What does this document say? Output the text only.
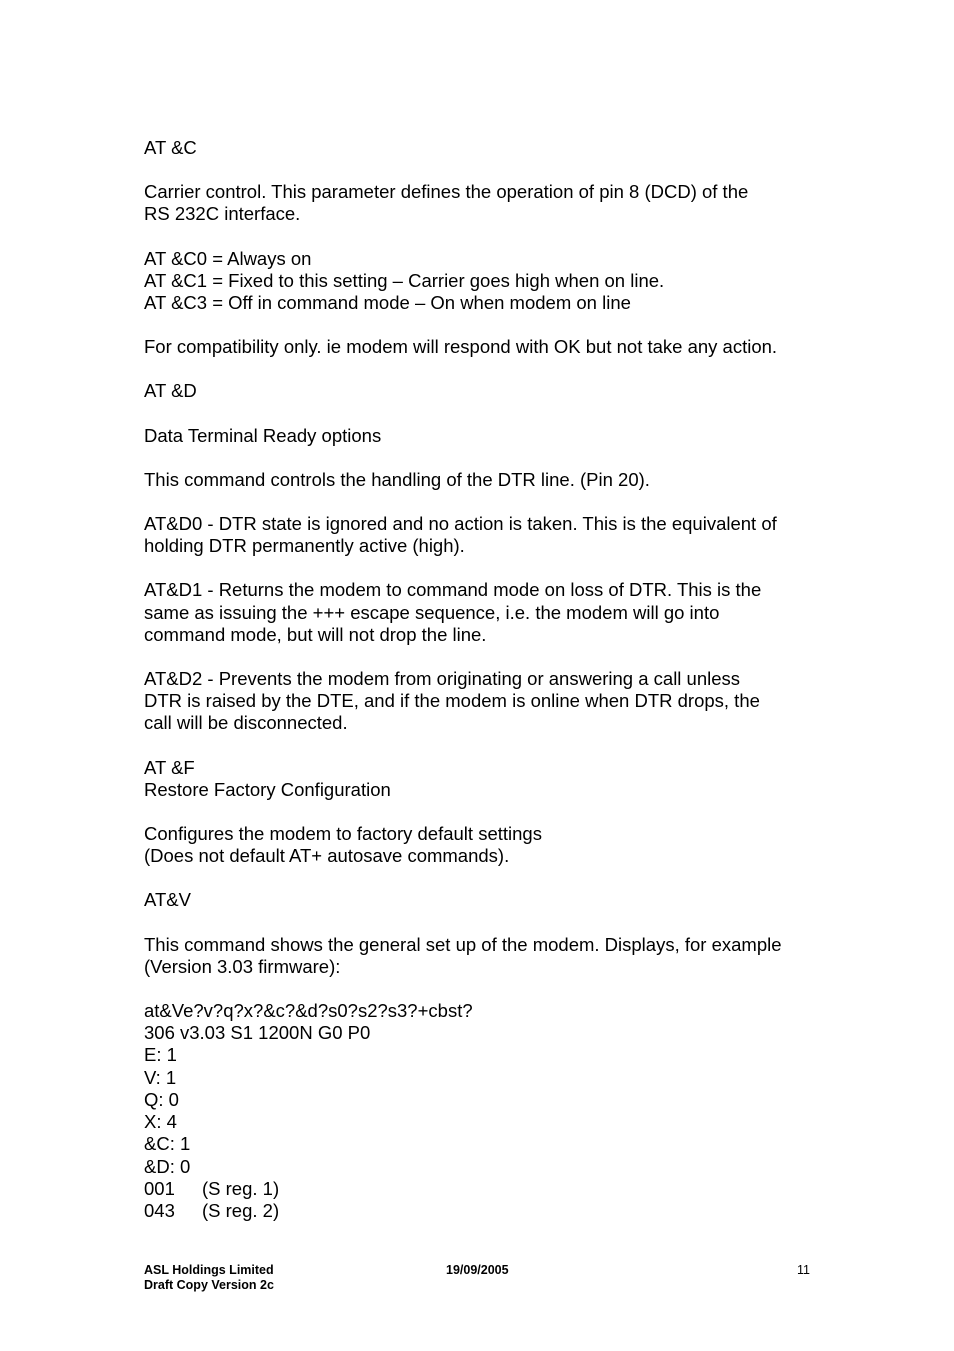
AT &C
Carrier control. This parameter defines the operation of pin 8 (DCD) of the
RS 232C interface.
AT &C0 = Always on
AT &C1 = Fixed to this setting – Carrier goes high when on line.
AT &C3 = Off in command mode – On when modem on line
For compatibility only. ie modem will respond with OK but not take any action.
AT &D
Data Terminal Ready options
This command controls the handling of the DTR line. (Pin 20).
AT&D0 - DTR state is ignored and no action is taken. This is the equivalent of
holding DTR permanently active (high).
AT&D1 - Returns the modem to command mode on loss of DTR. This is the
same as issuing the +++ escape sequence, i.e. the modem will go into
command mode, but will not drop the line.
AT&D2 - Prevents the modem from originating or answering a call unless
DTR is raised by the DTE, and if the modem is online when DTR drops, the
call will be disconnected.
AT &F
Restore Factory Configuration
Configures the modem to factory default settings
(Does not default AT+ autosave commands).
AT&V
This command shows the general set up of the modem. Displays, for example
(Version 3.03 firmware):
at&Ve?v?q?x?&c?&d?s0?s2?s3?+cbst?
306 v3.03 S1 1200N G0 P0
E: 1
V: 1
Q: 0
X: 4
&C: 1
&D: 0
001 (S reg. 1)
043 (S reg. 2)
ASL Holdings Limited
Draft Copy Version 2c
19/09/2005	11
